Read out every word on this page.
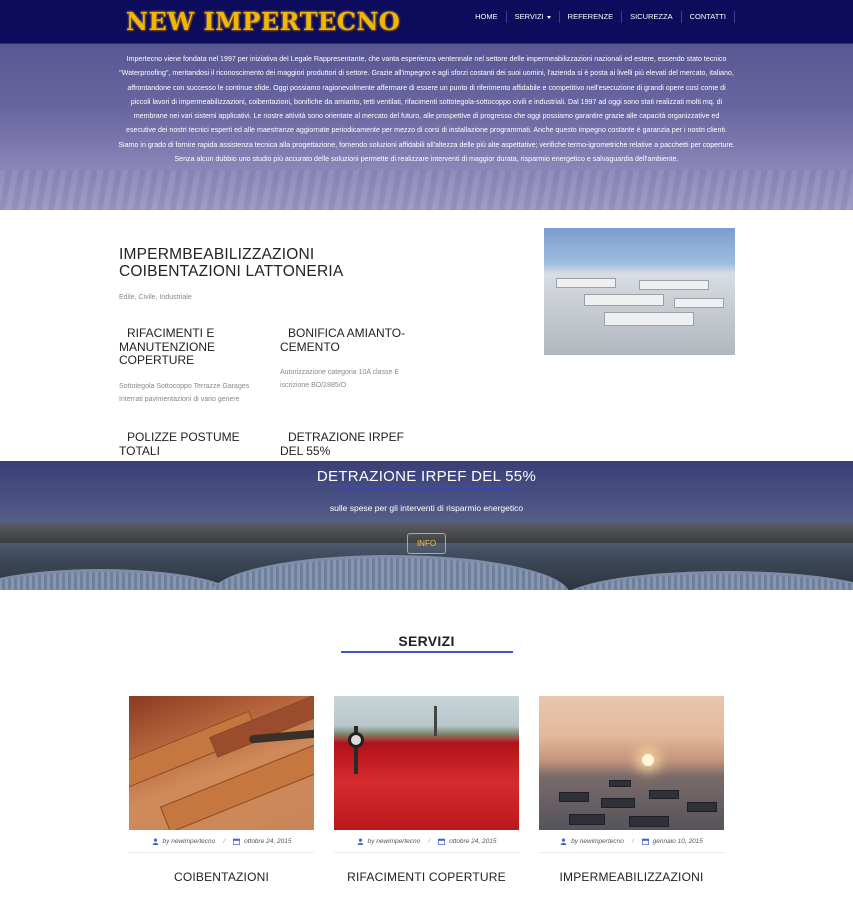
NEW IMPERTECNO	HOME	SERVIZI	REFERENZE	SICUREZZA	CONTATTI

Impertecno viene fondata nel 1997 per iniziativa del Legale Rappresentante, che vanta esperienza ventennale nel settore delle impermeabilizzazioni nazionali ed estere, essendo stato tecnico "Waterproofing", meritandosi il riconoscimento dei maggiori produttori di settore. Grazie all'impegno e agli sforzi costanti dei suoi uomini, l'azienda si è posta ai livelli più elevati del mercato, italiano, affrontandone con successo le continue sfide. Oggi possiamo ragionevolmente affermare di essere un punto di riferimento affidabile e competitivo nell'esecuzione di grandi opere così come di piccoli lavori di impermeabilizzazioni, coibentazioni, bonifiche da amianto, tetti ventilati, rifacimenti sottotegola-sottocoppo civili e industriali. Dal 1997 ad oggi sono stati realizzati molti mq. di membrane nei vari sistemi applicativi. Le nostre attività sono orientate al mercato del futuro, alle prospettive di progresso che oggi possiamo garantire grazie alle capacità organizzative ed esecutive dei nostri tecnici esperti ed alle maestranze aggiornate periodicamente per mezzo di corsi di installazione programmati. Anche questo impegno costante è garanzia per i nostri clienti. Siamo in grado di fornire rapida assistenza tecnica alla progettazione, fornendo soluzioni affidabili all'altezza delle più alte aspettative; verifiche termo-igrometriche relative a pacchetti per coperture. Senza alcun dubbio uno studio più accurato delle soluzioni permette di realizzare interventi di maggior durata, risparmio energetico e salvaguardia dell'ambiente.

IMPERMBEABILIZZAZIONI COIBENTAZIONI LATTONERIA
Edile, Civile, Industriale
RIFACIMENTI E MANUTENZIONE COPERTURE
Sottotegola Sottocoppo Terrazze Garages Interrati pavimentazioni di vario genere
BONIFICA AMIANTO-CEMENTO
Autorizzazione categoria 10A classe E iscrizione BO/2885/O
POLIZZE POSTUME TOTALI
DETRAZIONE IRPEF DEL 55%
DETRAZIONE IRPEF DEL 55%
sulle spese per gli interventi di risparmio energetico
INFO
SERVIZI
by newimpertecno /	ottobre 24, 2015
COIBENTAZIONI
by newimpertecno /	ottobre 24, 2015
RIFACIMENTI COPERTURE
by newimpertecno /	gennaio 10, 2015
IMPERMEABILIZZAZIONI
